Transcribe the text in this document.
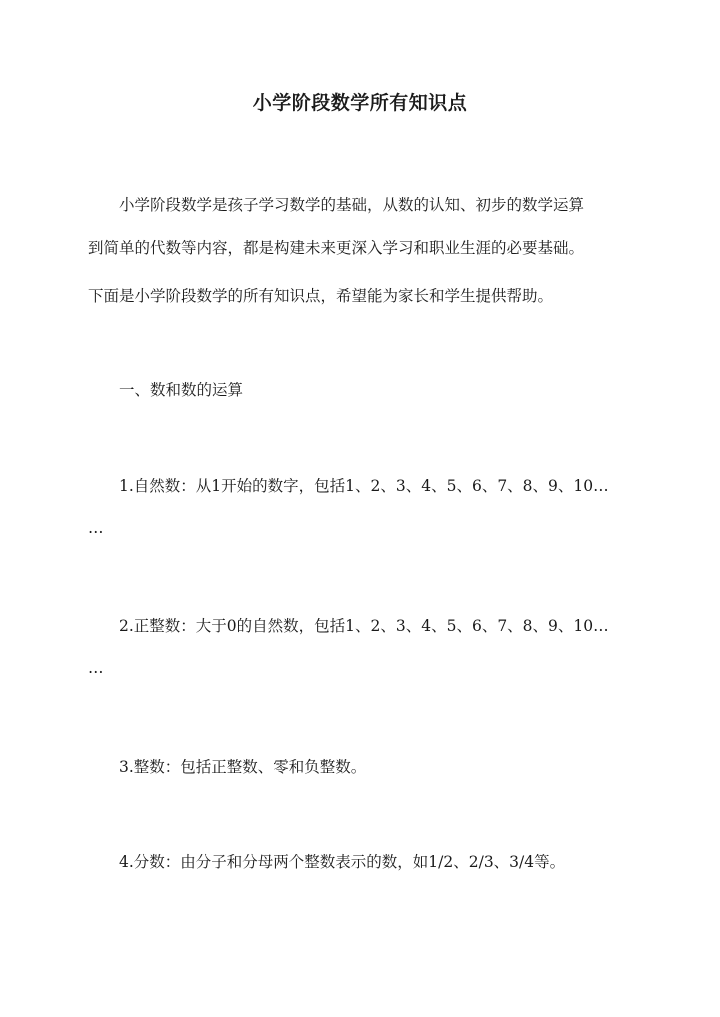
小学阶段数学所有知识点
小学阶段数学是孩子学习数学的基础，从数的认知、初步的数学运算
到简单的代数等内容，都是构建未来更深入学习和职业生涯的必要基础。
下面是小学阶段数学的所有知识点，希望能为家长和学生提供帮助。
一、数和数的运算
1.自然数：从1开始的数字，包括1、2、3、4、5、6、7、8、9、10…
…
2.正整数：大于0的自然数，包括1、2、3、4、5、6、7、8、9、10…
…
3.整数：包括正整数、零和负整数。
4.分数：由分子和分母两个整数表示的数，如1/2、2/3、3/4等。
